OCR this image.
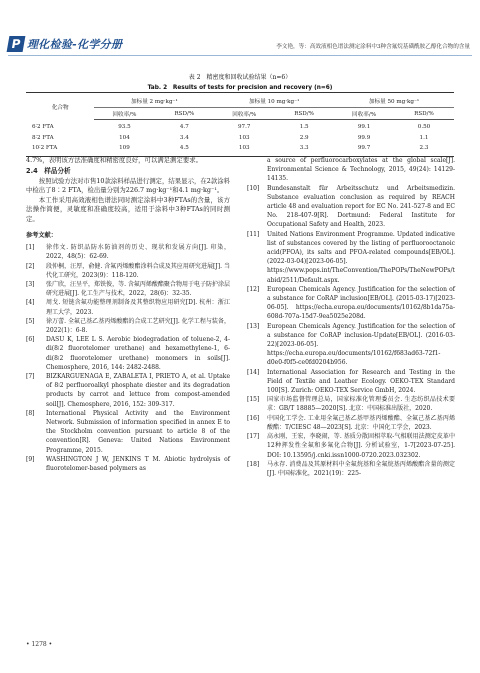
P 理化检验-化学分册	李文艳，等：高效液相色谱法测定涂料中3种含氟烷基磺酰胺乙醇化合物的含量
表 2　精密度和回收试验结果（n=6）
Tab. 2　Results of tests for precision and recovery (n=6)

化合物	加标量 2 mg·kg⁻¹		加标量 10 mg·kg⁻¹		加标量 50 mg·kg⁻¹	
	回收率/%	RSD/%	回收率/%	RSD/%	回收率/%	RSD/%
6∶2 FTA	93.5	4.7	97.7	1.5	99.1	0.50
8∶2 FTA	104	3.4	103	2.9	99.9	1.1
10∶2 FTA	109	4.5	103	3.3	99.7	2.3

4.7%，表明该方法准确度和精密度良好，可以满足测定要求。

2.4　样品分析

按照试验方法对市售10款涂料样品进行测定，结果显示，在2款涂料中检出了8∶2 FTA，检出量分别为226.7 mg·kg⁻¹和4.1 mg·kg⁻¹。

本工作采用高效液相色谱法同时测定涂料中3种FTAs的含量，该方法操作简便，灵敏度和准确度较高，适用于涂料中3种FTAs的同时测定。

参考文献：
[1]	徐伟文. 防织品防水防油剂的历史、现状和发展方向[J]. 印染，2022，48(5)：62-69.
[2]	段仲桐，汪厚，俞健. 含氟丙烯酸酯涂料合成及其应用研究进展[J]. 当代化工研究，2023(9)：118-120.
[3]	张广欣，汪呈平，郑铁俊，等. 含氟丙烯酸酯聚合物用于电子防护涂层研究进展[J]. 化工生产与技术，2022，28(6)：32-35.
[4]	周戈. 短链含氟功能整理剂制备及其整织物应用研究[D]. 杭州：浙江理工大学，2023.
[5]	徐万蕾. 全氟己基乙基丙烯酸酯的合成工艺研究[J]. 化学工程与装备，2022(1)：6-8.
[6]	DASU K, LEE L S. Aerobic biodegradation of toluene-2, 4-di(8∶2 fluorotelomer urethane) and hexamethylene-1, 6-di(8∶2 fluorotelomer urethane) monomers in soils[J]. Chemosphere, 2016, 144: 2482-2488.
[7]	BIZKARGUENAGA E, ZABALETA I, PRIETO A, et al. Uptake of 8∶2 perfluoroalkyl phosphate diester and its degradation products by carrot and lettuce from compost-amended soil[J]. Chemosphere, 2016, 152: 309-317.
[8]	International Physical Activity and the Environment Network. Submission of information specified in annex E to the Stockholm convention pursuant to article 8 of the convention[R]. Geneva: United Nations Environment Programme, 2015.
[9]	WASHINGTON J W, JENKINS T M. Abiotic hydrolysis of fluorotelomer-based polymers as
a source of perfluorocarboxylates at the global scale[J]. Environmental Science & Technology, 2015, 49(24): 14129-14135.
[10]	Bundesanstalt für Arbeitsschutz und Arbeitsmedizin. Substance evaluation conclusion as required by REACH article 48 and evaluation report for EC No. 241-527-8 and EC No. 218-407-9[R]. Dortmund: Federal Institute for Occupational Safety and Health, 2023.
[11]	United Nations Environment Programme. Updated indicative list of substances covered by the listing of perfluorooctanoic acid(PFOA), its salts and PFOA-related compounds[EB/OL]. (2022-03-04)[2023-06-05]. https://www.pops.int/TheConvention/ThePOPs/TheNewPOPs/tabid/2511/Default.aspx.
[12]	European Chemicals Agency. Justification for the selection of a substance for CoRAP inclusion[EB/OL]. (2015-03-17)[2023-06-05]. https://echa.europa.eu/documents/10162/8b1da75a-608d-707a-15d7-9ea5025e208d.
[13]	European Chemicals Agency. Justification for the selection of a substance for CoRAP inclusion-Update[EB/OL]. (2016-03-22)[2023-06-05]. https://echa.europa.eu/documents/10162/f683ad63-72f1-d0e0-f0f5-ce0fd0204b956.
[14]	International Association for Research and Testing in the Field of Textile and Leather Ecology. OEKO-TEX Standard 100[S]. Zurich: OEKO-TEX Service GmbH, 2024.
[15]	国家市场监督管理总局，国家标准化管理委员会. 生态纺织品技术要求：GB/T 18885—2020[S]. 北京：中国标准出版社，2020.
[16]	中国化工学会. 工业用全氟己基乙基甲基丙烯酸酯、全氟己基乙基丙烯酸酯：T/CIESC 48—2023[S]. 北京：中国化工学会，2023.
[17]	高永刚，王宏，李晓闹，等. 基质分散固相萃取-气相联用法测定皮革中12种挥发性全氟和多氟化合物[J]. 分析试验室，1-7[2023-07-25]. DOI: 10.13595/j.cnki.issn1000-0720.2023.032302.
[18]	马永存. 消费品及其原材料中全氟烷基和全氟烷基丙烯酸酯含量的测定[J]. 中国标准化，2021(19)：225-
• 1278 •
